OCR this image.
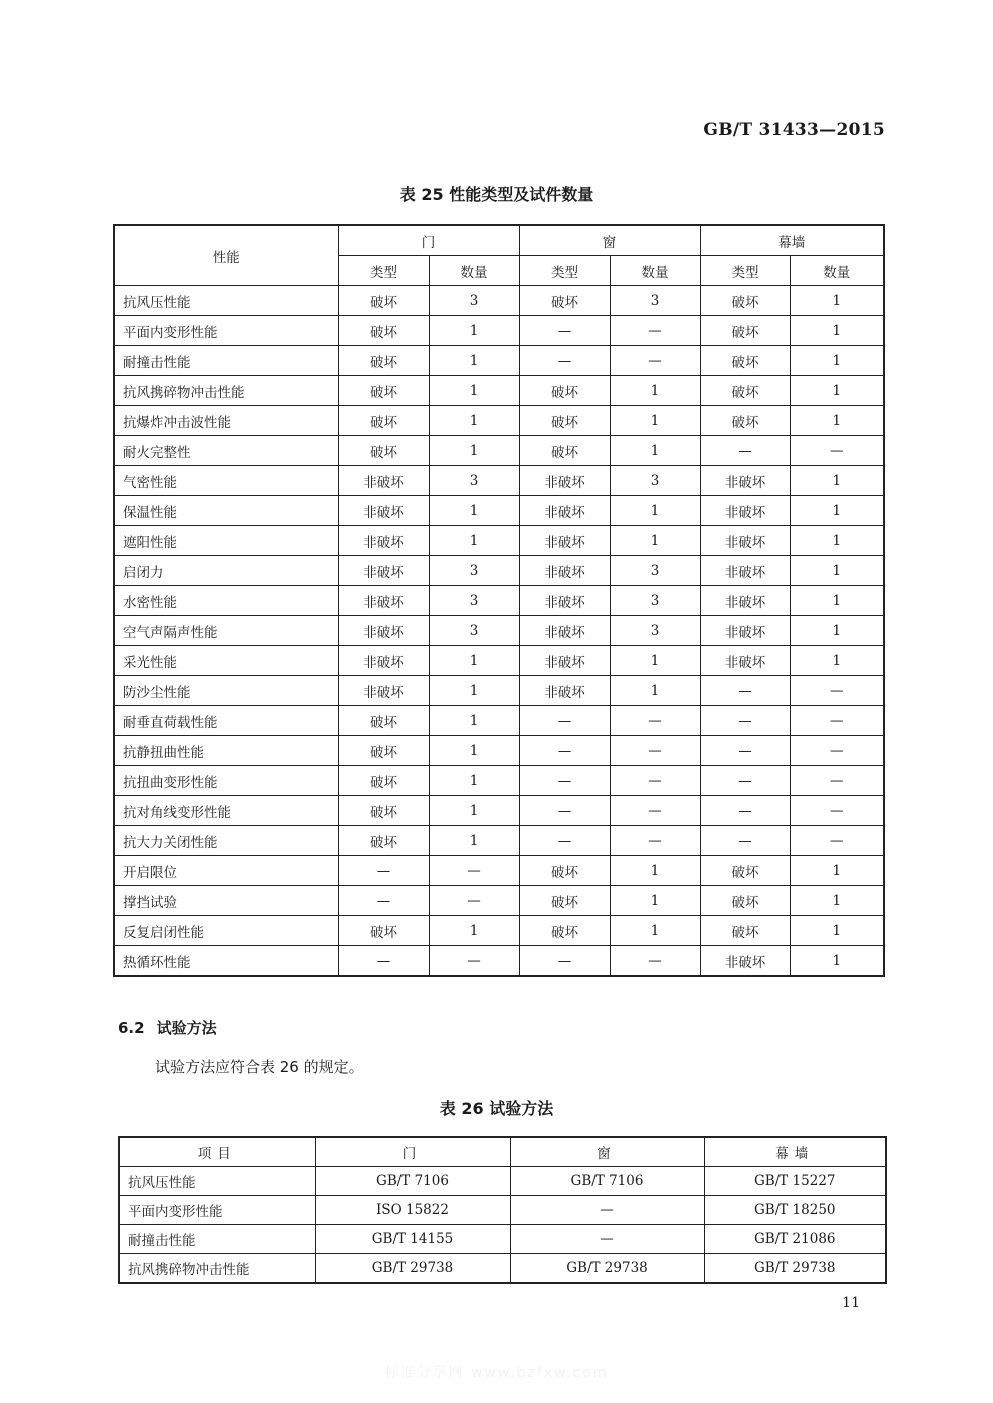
GB/T 31433—2015
表 25 性能类型及试件数量
性能	门		窗		幕墙	
	类型	数量	类型	数量	类型	数量
抗风压性能	破坏	3	破坏	3	破坏	1
平面内变形性能	破坏	1	—	—	破坏	1
耐撞击性能	破坏	1	—	—	破坏	1
抗风携碎物冲击性能	破坏	1	破坏	1	破坏	1
抗爆炸冲击波性能	破坏	1	破坏	1	破坏	1
耐火完整性	破坏	1	破坏	1	—	—
气密性能	非破坏	3	非破坏	3	非破坏	1
保温性能	非破坏	1	非破坏	1	非破坏	1
遮阳性能	非破坏	1	非破坏	1	非破坏	1
启闭力	非破坏	3	非破坏	3	非破坏	1
水密性能	非破坏	3	非破坏	3	非破坏	1
空气声隔声性能	非破坏	3	非破坏	3	非破坏	1
采光性能	非破坏	1	非破坏	1	非破坏	1
防沙尘性能	非破坏	1	非破坏	1	—	—
耐垂直荷载性能	破坏	1	—	—	—	—
抗静扭曲性能	破坏	1	—	—	—	—
抗扭曲变形性能	破坏	1	—	—	—	—
抗对角线变形性能	破坏	1	—	—	—	—
抗大力关闭性能	破坏	1	—	—	—	—
开启限位	—	—	破坏	1	破坏	1
撑挡试验	—	—	破坏	1	破坏	1
反复启闭性能	破坏	1	破坏	1	破坏	1
热循环性能	—	—	—	—	非破坏	1
6.2 试验方法
试验方法应符合表 26 的规定。
表 26 试验方法
项目	门	窗	幕墙
抗风压性能	GB/T 7106	GB/T 7106	GB/T 15227
平面内变形性能	ISO 15822	—	GB/T 18250
耐撞击性能	GB/T 14155	—	GB/T 21086
抗风携碎物冲击性能	GB/T 29738	GB/T 29738	GB/T 29738
11
标准分享网 www.bzfxw.com
